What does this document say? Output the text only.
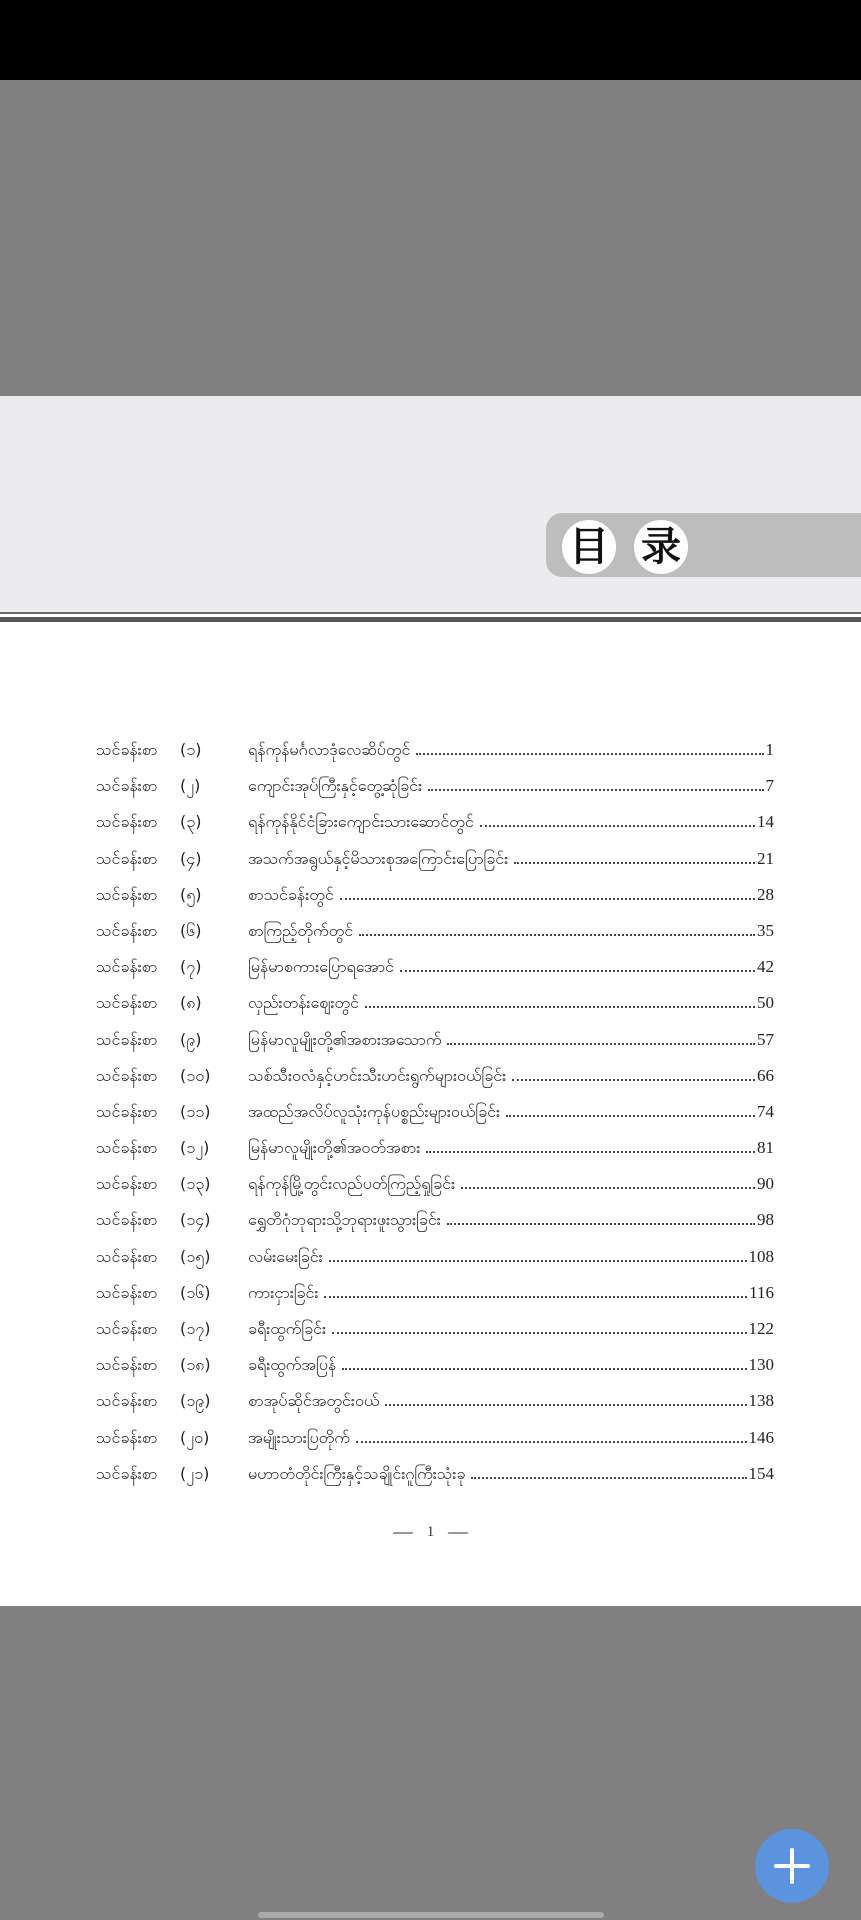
目 录
သင်ခန်းစာ	(၁)	ရန်ကုန်မင်္ဂလာဒုံလေဆိပ်တွင်	1
သင်ခန်းစာ	(၂)	ကျောင်းအုပ်ကြီးနှင့်တွေ့ဆုံခြင်း	7
သင်ခန်းစာ	(၃)	ရန်ကုန်နိုင်ငံခြားကျောင်းသားဆောင်တွင်	14
သင်ခန်းစာ	(၄)	အသက်အရွယ်နှင့်မိသားစုအကြောင်းပြောခြင်း	21
သင်ခန်းစာ	(၅)	စာသင်ခန်းတွင်	28
သင်ခန်းစာ	(၆)	စာကြည့်တိုက်တွင်	35
သင်ခန်းစာ	(၇)	မြန်မာစကားပြောရအောင်	42
သင်ခန်းစာ	(၈)	လှည်းတန်းဈေးတွင်	50
သင်ခန်းစာ	(၉)	မြန်မာလူမျိုးတို့၏အစားအသောက်	57
သင်ခန်းစာ	(၁၀)	သစ်သီးဝလံနှင့်ဟင်းသီးဟင်းရွက်များဝယ်ခြင်း	66
သင်ခန်းစာ	(၁၁)	အထည်အလိပ်လူသုံးကုန်ပစ္စည်းများဝယ်ခြင်း	74
သင်ခန်းစာ	(၁၂)	မြန်မာလူမျိုးတို့၏အဝတ်အစား	81
သင်ခန်းစာ	(၁၃)	ရန်ကုန်မြို့တွင်းလည်ပတ်ကြည့်ရှုခြင်း	90
သင်ခန်းစာ	(၁၄)	ရွှေတိဂုံဘုရားသို့ဘုရားဖူးသွားခြင်း	98
သင်ခန်းစာ	(၁၅)	လမ်းမေးခြင်း	108
သင်ခန်းစာ	(၁၆)	ကားငှားခြင်း	116
သင်ခန်းစာ	(၁၇)	ခရီးထွက်ခြင်း	122
သင်ခန်းစာ	(၁၈)	ခရီးထွက်အပြန်	130
သင်ခန်းစာ	(၁၉)	စာအုပ်ဆိုင်အတွင်းဝယ်	138
သင်ခန်းစာ	(၂၀)	အမျိုးသားပြတိုက်	146
သင်ခန်းစာ	(၂၁)	မဟာတံတိုင်းကြီးနှင့်သချိုင်းဂူကြီးသုံးခု	154
1
